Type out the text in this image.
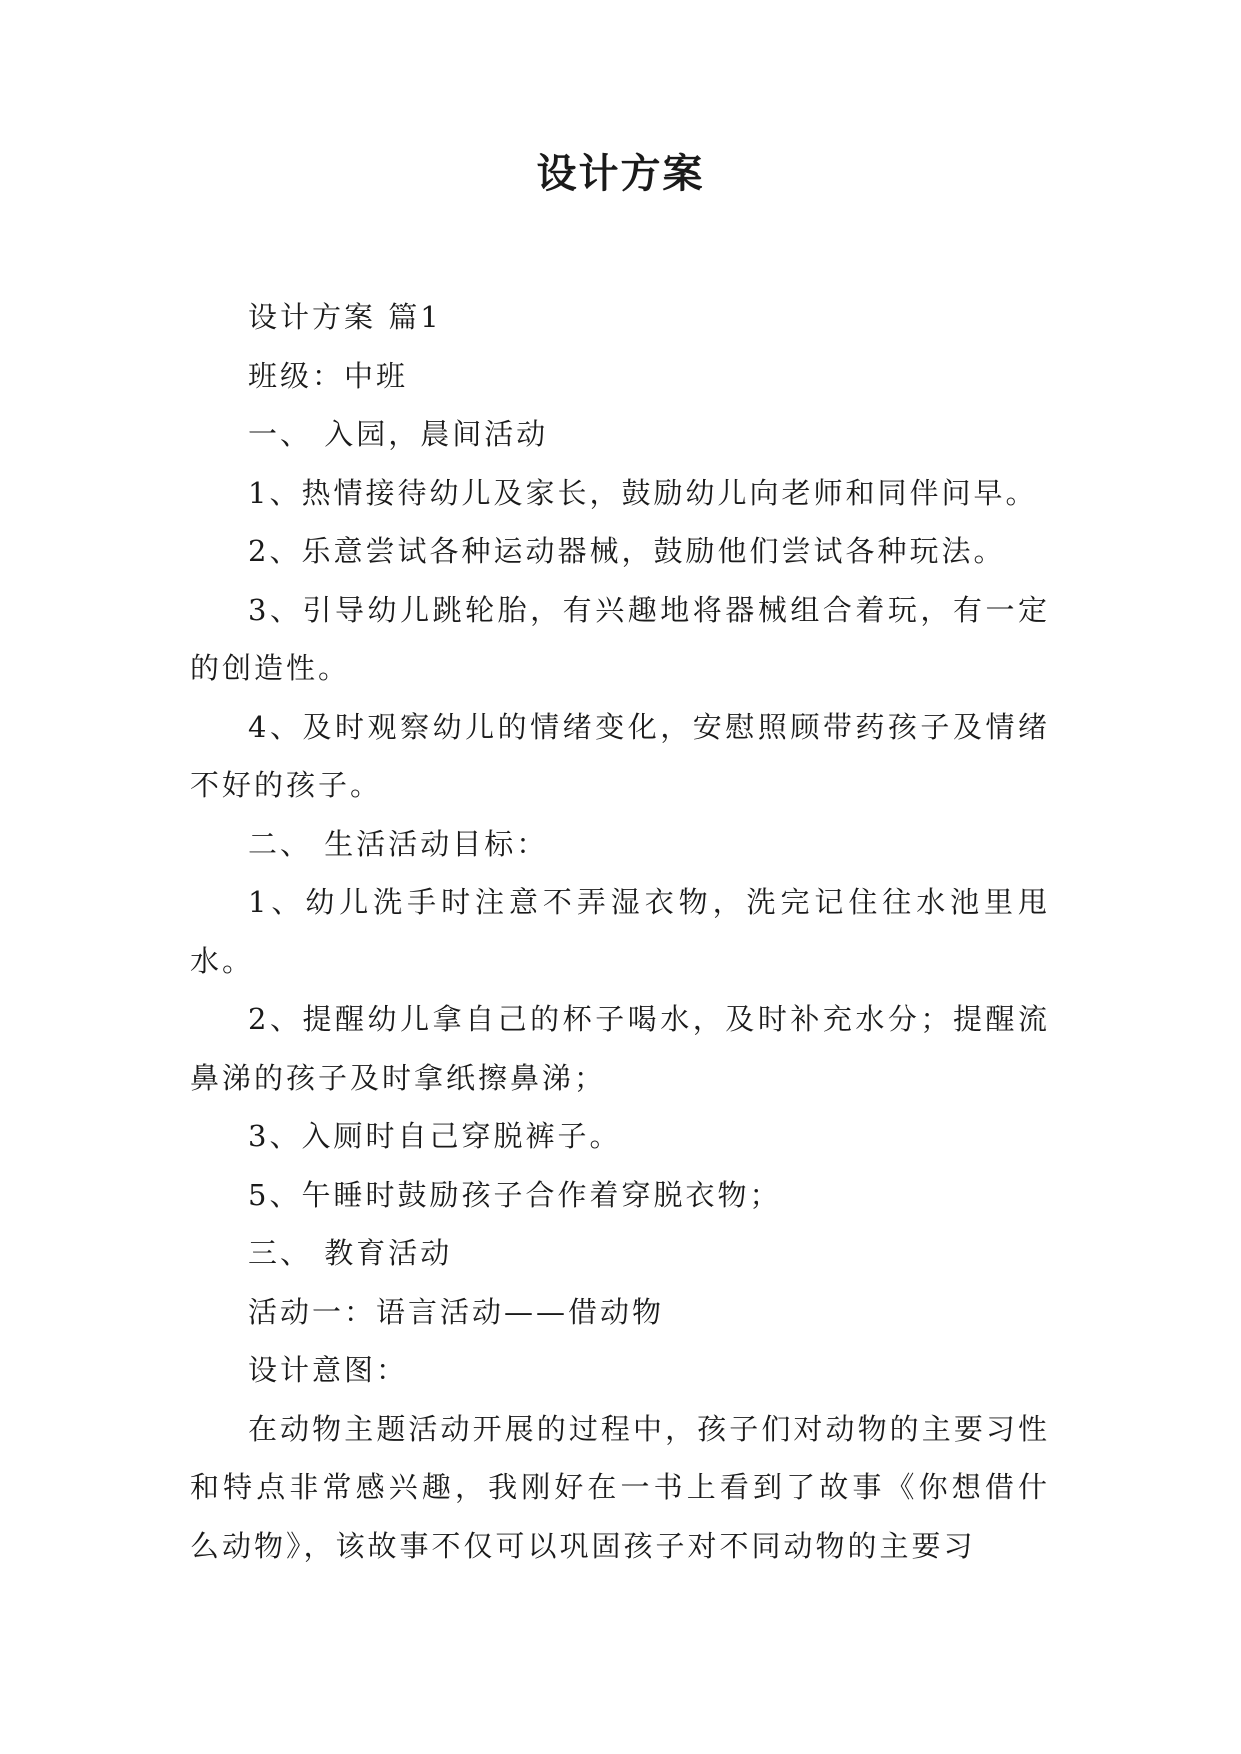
设计方案

设计方案 篇1

班级：中班

一、 入园，晨间活动

1、热情接待幼儿及家长，鼓励幼儿向老师和同伴问早。

2、乐意尝试各种运动器械，鼓励他们尝试各种玩法。

3、引导幼儿跳轮胎，有兴趣地将器械组合着玩，有一定的创造性。

4、及时观察幼儿的情绪变化，安慰照顾带药孩子及情绪不好的孩子。

二、 生活活动目标：

1、幼儿洗手时注意不弄湿衣物，洗完记住往水池里甩水。

2、提醒幼儿拿自己的杯子喝水，及时补充水分；提醒流鼻涕的孩子及时拿纸擦鼻涕；

3、入厕时自己穿脱裤子。

5、午睡时鼓励孩子合作着穿脱衣物；

三、 教育活动

活动一：语言活动——借动物

设计意图：

在动物主题活动开展的过程中，孩子们对动物的主要习性和特点非常感兴趣，我刚好在一书上看到了故事《你想借什么动物》，该故事不仅可以巩固孩子对不同动物的主要习
